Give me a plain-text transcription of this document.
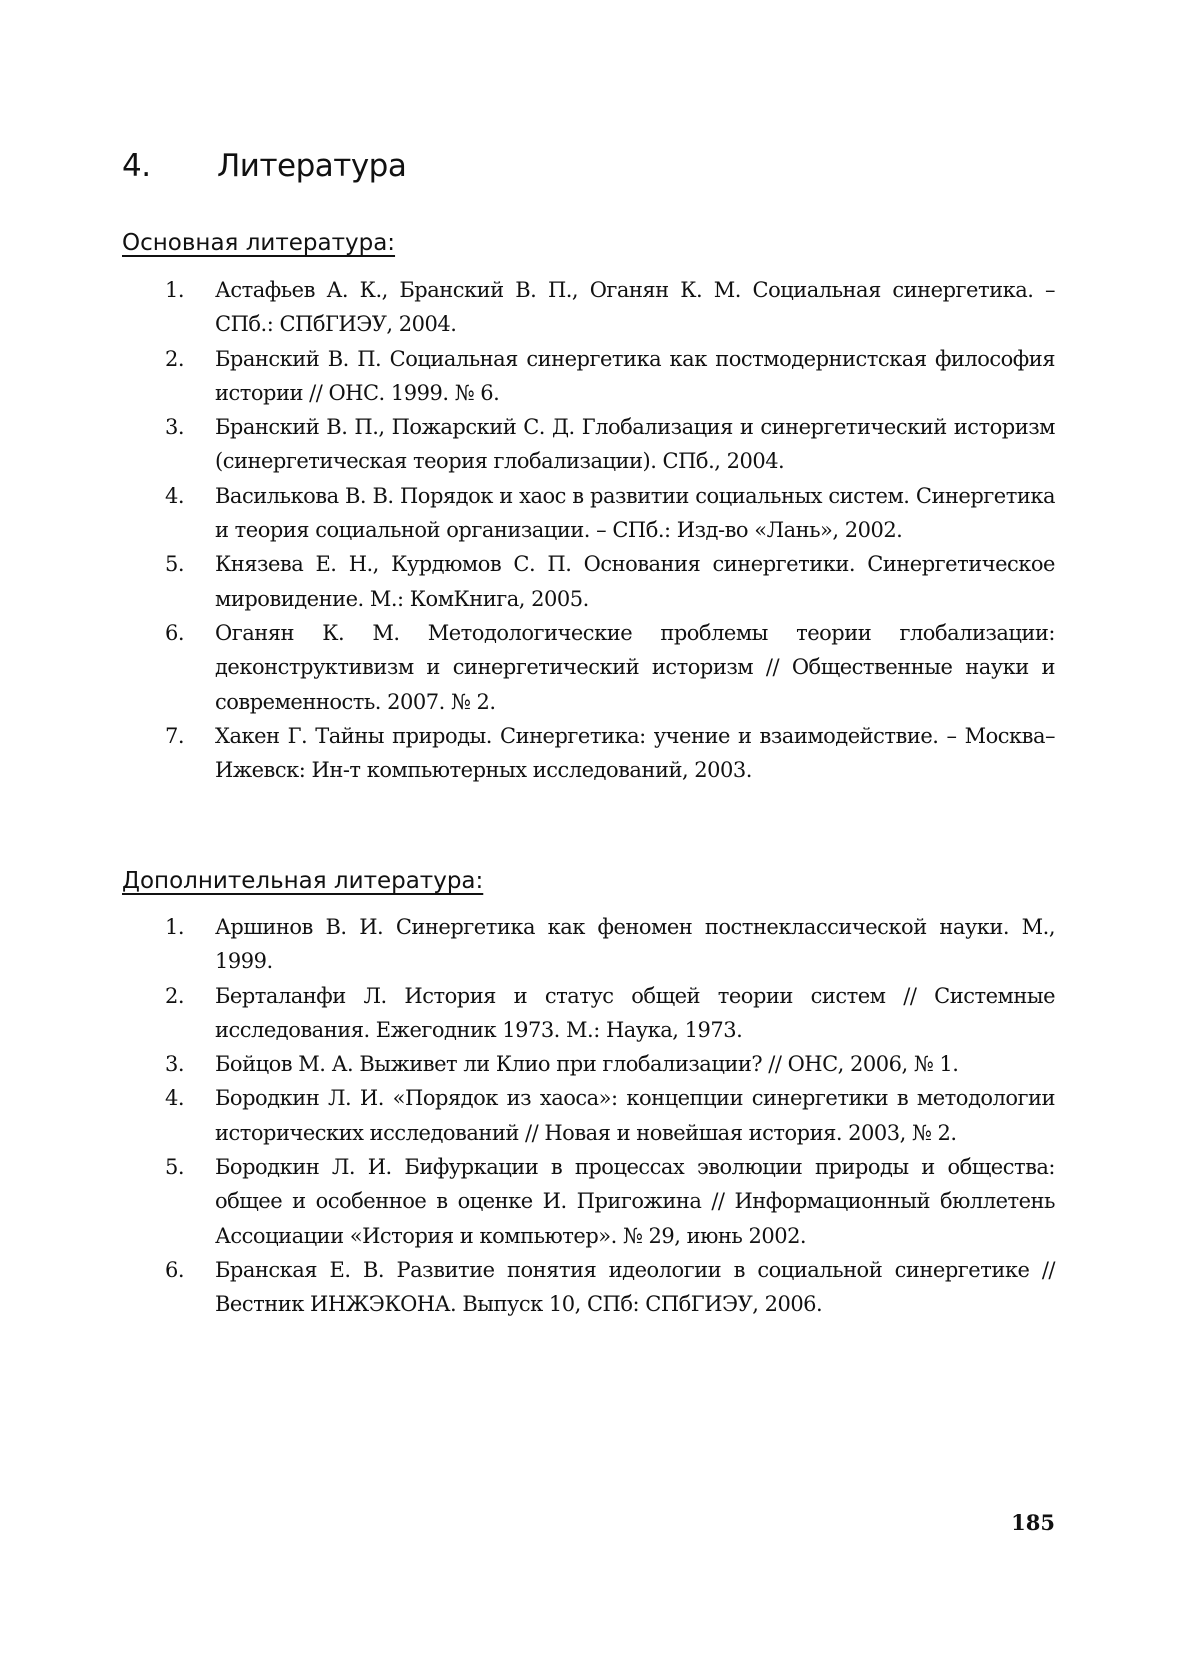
4.	Литература
Основная литература:
1.	Астафьев А. К., Бранский В. П., Оганян К. М. Социальная синергетика. – СПб.: СПбГИЭУ, 2004.
2.	Бранский В. П. Социальная синергетика как постмодернистская философия истории // ОНС. 1999. № 6.
3.	Бранский В. П., Пожарский С. Д. Глобализация и синергетический историзм (синергетическая теория глобализации). СПб., 2004.
4.	Василькова В. В. Порядок и хаос в развитии социальных систем. Синергетика и теория социальной организации. – СПб.: Изд-во «Лань», 2002.
5.	Князева Е. Н., Курдюмов С. П. Основания синергетики. Синергетическое мировидение. М.: КомКнига, 2005.
6.	Оганян К. М. Методологические проблемы теории глобализации: деконструктивизм и синергетический историзм // Общественные науки и современность. 2007. № 2.
7.	Хакен Г. Тайны природы. Синергетика: учение и взаимодействие. – Москва–Ижевск: Ин-т компьютерных исследований, 2003.
Дополнительная литература:
1.	Аршинов В. И. Синергетика как феномен постнеклассической науки. М., 1999.
2.	Берталанфи Л. История и статус общей теории систем // Системные исследования. Ежегодник 1973. М.: Наука, 1973.
3.	Бойцов М. А. Выживет ли Клио при глобализации? // ОНС, 2006, № 1.
4.	Бородкин Л. И. «Порядок из хаоса»: концепции синергетики в методологии исторических исследований // Новая и новейшая история. 2003, № 2.
5.	Бородкин Л. И. Бифуркации в процессах эволюции природы и общества: общее и особенное в оценке И. Пригожина // Информационный бюллетень Ассоциации «История и компьютер». № 29, июнь 2002.
6.	Бранская Е. В. Развитие понятия идеологии в социальной синергетике // Вестник ИНЖЭКОНА. Выпуск 10, СПб: СПбГИЭУ, 2006.
185
